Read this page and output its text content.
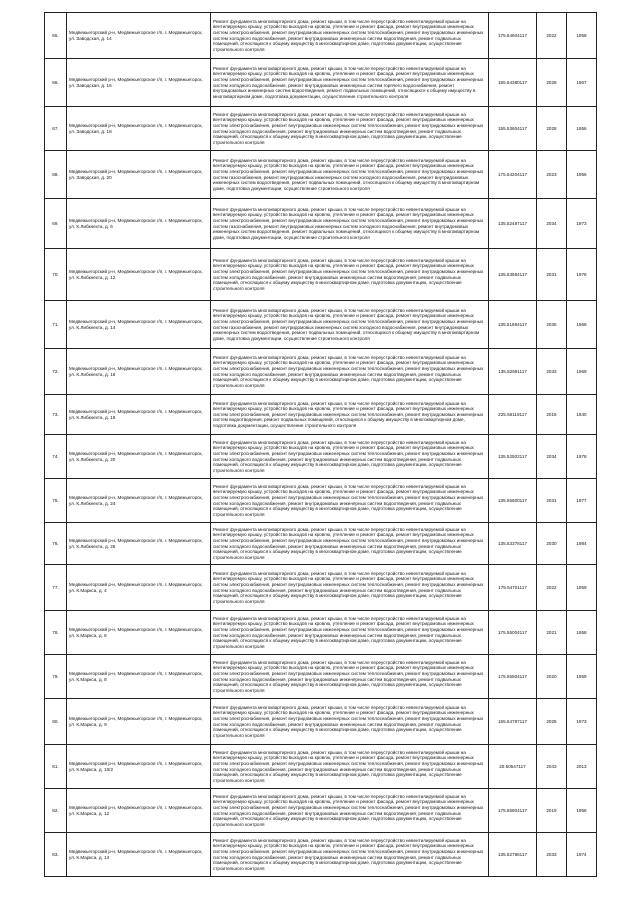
65.	Медвежьегорский р-н, Медвежьегорское г/п, г. Медвежьегорск, ул. Заводская, д. 14	Ремонт фундамента многоквартирного дома, ремонт крыши, в том числе переустройство невентилируемой крыши на вентилируемую крышу, устройство выходов на кровлю, утепление и ремонт фасада, ремонт внутридомовых инженерных систем электроснабжения, ремонт внутридомовых инженерных систем теплоснабжения, ремонт внутридомовых инженерных систем холодного водоснабжения, ремонт внутридомовых инженерных систем водоотведения, ремонт подвальных помещений, относящихся к общему имуществу в многоквартирном доме, подготовка документации, осуществление строительного контроля	175.54604117	2022	1958
66.	Медвежьегорский р-н, Медвежьегорское г/п, г. Медвежьегорск, ул. Заводская, д. 16	Ремонт фундамента многоквартирного дома, ремонт крыши, в том числе переустройство невентилируемой крыши на вентилируемую крышу, устройство выходов на кровлю, утепление и ремонт фасада, ремонт внутридомовых инженерных систем электроснабжения, ремонт внутридомовых инженерных систем теплоснабжения, ремонт внутридомовых инженерных систем холодного водоснабжения, ремонт внутридомовых инженерных систем горячего водоснабжения, ремонт внутридомовых инженерных систем водоотведения, ремонт подвальных помещений, относящихся к общему имуществу в многоквартирном доме, подготовка документации, осуществление строительного контроля	155.54380117	2028	1967
67.	Медвежьегорский р-н, Медвежьегорское г/п, г. Медвежьегорск, ул. Заводская, д. 18	Ремонт фундамента многоквартирного дома, ремонт крыши, в том числе переустройство невентилируемой крыши на вентилируемую крышу, устройство выходов на кровлю, утепление и ремонт фасада, ремонт внутридомовых инженерных систем электроснабжения, ремонт внутридомовых инженерных систем теплоснабжения, ремонт внутридомовых инженерных систем холодного водоснабжения, ремонт внутридомовых инженерных систем водоотведения, ремонт подвальных помещений, относящихся к общему имуществу в многоквартирном доме, подготовка документации, осуществление строительного контроля	155.53604117	2028	1956
68.	Медвежьегорский р-н, Медвежьегорское г/п, г. Медвежьегорск, ул. Заводская, д. 20	Ремонт фундамента многоквартирного дома, ремонт крыши, в том числе переустройство невентилируемой крыши на вентилируемую крышу, устройство выходов на кровлю, утепление и ремонт фасада, ремонт внутридомовых инженерных систем электроснабжения, ремонт внутридомовых инженерных систем теплоснабжения, ремонт внутридомовых инженерных систем газоснабжения, ремонт внутридомовых инженерных систем холодного водоснабжения, ремонт внутридомовых инженерных систем водоотведения, ремонт подвальных помещений, относящихся к общему имуществу в многоквартирном доме, подготовка документации, осуществление строительного контроля	175.54204117	2023	1956
69.	Медвежьегорский р-н, Медвежьегорское г/п, г. Медвежьегорск, ул. К.Либкнехта, д. 6	Ремонт фундамента многоквартирного дома, ремонт крыши, в том числе переустройство невентилируемой крыши на вентилируемую крышу, устройство выходов на кровлю, утепление и ремонт фасада, ремонт внутридомовых инженерных систем электроснабжения, ремонт внутридомовых инженерных систем теплоснабжения, ремонт внутридомовых инженерных систем газоснабжения, ремонт внутридомовых инженерных систем холодного водоснабжения, ремонт внутридомовых инженерных систем водоотведения, ремонт подвальных помещений, относящихся к общему имуществу в многоквартирном доме, подготовка документации, осуществление строительного контроля	135.52487117	2034	1973
70.	Медвежьегорский р-н, Медвежьегорское г/п, г. Медвежьегорск, ул. К.Либкнехта, д. 12	Ремонт фундамента многоквартирного дома, ремонт крыши, в том числе переустройство невентилируемой крыши на вентилируемую крышу, устройство выходов на кровлю, утепление и ремонт фасада, ремонт внутридомовых инженерных систем электроснабжения, ремонт внутридомовых инженерных систем теплоснабжения, ремонт внутридомовых инженерных систем холодного водоснабжения, ремонт внутридомовых инженерных систем водоотведения, ремонт подвальных помещений, относящихся к общему имуществу в многоквартирном доме, подготовка документации, осуществление строительного контроля	135.53584117	2031	1976
71.	Медвежьегорский р-н, Медвежьегорское г/п, г. Медвежьегорск, ул. К.Либкнехта, д. 14	Ремонт фундамента многоквартирного дома, ремонт крыши, в том числе переустройство невентилируемой крыши на вентилируемую крышу, устройство выходов на кровлю, утепление и ремонт фасада, ремонт внутридомовых инженерных систем электроснабжения, ремонт внутридомовых инженерных систем теплоснабжения, ремонт внутридомовых инженерных систем газоснабжения, ремонт внутридомовых инженерных систем холодного водоснабжения, ремонт внутридомовых инженерных систем водоотведения, ремонт подвальных помещений, относящихся к общему имуществу в многоквартирном доме, подготовка документации, осуществление строительного контроля	135.51694117	2035	1968
72.	Медвежьегорский р-н, Медвежьегорское г/п, г. Медвежьегорск, ул. К.Либкнехта, д. 16	Ремонт фундамента многоквартирного дома, ремонт крыши, в том числе переустройство невентилируемой крыши на вентилируемую крышу, устройство выходов на кровлю, утепление и ремонт фасада, ремонт внутридомовых инженерных систем электроснабжения, ремонт внутридомовых инженерных систем теплоснабжения, ремонт внутридомовых инженерных систем холодного водоснабжения, ремонт внутридомовых инженерных систем водоотведения, ремонт подвальных помещений, относящихся к общему имуществу в многоквартирном доме, подготовка документации, осуществление строительного контроля	135.52691117	2033	1969
73.	Медвежьегорский р-н, Медвежьегорское г/п, г. Медвежьегорск, ул. К.Либкнехта, д. 19	Ремонт фундамента многоквартирного дома, ремонт крыши, в том числе переустройство невентилируемой крыши на вентилируемую крышу, устройство выходов на кровлю, утепление и ремонт фасада, ремонт внутридомовых инженерных систем электроснабжения, ремонт внутридомовых инженерных систем теплоснабжения, ремонт внутридомовых инженерных систем водоотведения, ремонт подвальных помещений, относящихся к общему имуществу в многоквартирном доме, подготовка документации, осуществление строительного контроля	225.56119117	2016	1940
74.	Медвежьегорский р-н, Медвежьегорское г/п, г. Медвежьегорск, ул. К.Либкнехта, д. 20	Ремонт фундамента многоквартирного дома, ремонт крыши, в том числе переустройство невентилируемой крыши на вентилируемую крышу, устройство выходов на кровлю, утепление и ремонт фасада, ремонт внутридомовых инженерных систем электроснабжения, ремонт внутридомовых инженерных систем теплоснабжения, ремонт внутридомовых инженерных систем холодного водоснабжения, ремонт внутридомовых инженерных систем водоотведения, ремонт подвальных помещений, относящихся к общему имуществу в многоквартирном доме, подготовка документации, осуществление строительного контроля	135.52502117	2034	1978
75.	Медвежьегорский р-н, Медвежьегорское г/п, г. Медвежьегорск, ул. К.Либкнехта, д. 24	Ремонт фундамента многоквартирного дома, ремонт крыши, в том числе переустройство невентилируемой крыши на вентилируемую крышу, устройство выходов на кровлю, утепление и ремонт фасада, ремонт внутридомовых инженерных систем электроснабжения, ремонт внутридомовых инженерных систем теплоснабжения, ремонт внутридомовых инженерных систем холодного водоснабжения, ремонт внутридомовых инженерных систем водоотведения, ремонт подвальных помещений, относящихся к общему имуществу в многоквартирном доме, подготовка документации, осуществление строительного контроля	135.55600117	2031	1977
76.	Медвежьегорский р-н, Медвежьегорское г/п, г. Медвежьегорск, ул. К.Либкнехта, д. 26	Ремонт фундамента многоквартирного дома, ремонт крыши, в том числе переустройство невентилируемой крыши на вентилируемую крышу, устройство выходов на кровлю, утепление и ремонт фасада, ремонт внутридомовых инженерных систем электроснабжения, ремонт внутридомовых инженерных систем теплоснабжения, ремонт внутридомовых инженерных систем холодного водоснабжения, ремонт внутридомовых инженерных систем водоотведения, ремонт подвальных помещений, относящихся к общему имуществу в многоквартирном доме, подготовка документации, осуществление строительного контроля	135.53378117	2030	1984
77.	Медвежьегорский р-н, Медвежьегорское г/п, г. Медвежьегорск, ул. К.Маркса, д. 4	Ремонт фундамента многоквартирного дома, ремонт крыши, в том числе переустройство невентилируемой крыши на вентилируемую крышу, устройство выходов на кровлю, утепление и ремонт фасада, ремонт внутридомовых инженерных систем электроснабжения, ремонт внутридомовых инженерных систем теплоснабжения, ремонт внутридомовых инженерных систем холодного водоснабжения, ремонт внутридомовых инженерных систем водоотведения, ремонт подвальных помещений, относящихся к общему имуществу в многоквартирном доме, подготовка документации, осуществление строительного контроля	175.54701117	2022	1959
78.	Медвежьегорский р-н, Медвежьегорское г/п, г. Медвежьегорск, ул. К.Маркса, д. 6	Ремонт фундамента многоквартирного дома, ремонт крыши, в том числе переустройство невентилируемой крыши на вентилируемую крышу, устройство выходов на кровлю, утепление и ремонт фасада, ремонт внутридомовых инженерных систем электроснабжения, ремонт внутридомовых инженерных систем теплоснабжения, ремонт внутридомовых инженерных систем холодного водоснабжения, ремонт внутридомовых инженерных систем водоотведения, ремонт подвальных помещений, относящихся к общему имуществу в многоквартирном доме, подготовка документации, осуществление строительного контроля	175.55004117	2021	1958
79.	Медвежьегорский р-н, Медвежьегорское г/п, г. Медвежьегорск, ул. К.Маркса, д. 8	Ремонт фундамента многоквартирного дома, ремонт крыши, в том числе переустройство невентилируемой крыши на вентилируемую крышу, устройство выходов на кровлю, утепление и ремонт фасада, ремонт внутридомовых инженерных систем электроснабжения, ремонт внутридомовых инженерных систем теплоснабжения, ремонт внутридомовых инженерных систем холодного водоснабжения, ремонт внутридомовых инженерных систем водоотведения, ремонт подвальных помещений, относящихся к общему имуществу в многоквартирном доме, подготовка документации, осуществление строительного контроля	175.55504117	2020	1959
80.	Медвежьегорский р-н, Медвежьегорское г/п, г. Медвежьегорск, ул. К.Маркса, д. 9	Ремонт фундамента многоквартирного дома, ремонт крыши, в том числе переустройство невентилируемой крыши на вентилируемую крышу, устройство выходов на кровлю, утепление и ремонт фасада, ремонт внутридомовых инженерных систем электроснабжения, ремонт внутридомовых инженерных систем теплоснабжения, ремонт внутридомовых инженерных систем холодного водоснабжения, ремонт внутридомовых инженерных систем водоотведения, ремонт подвальных помещений, относящихся к общему имуществу в многоквартирном доме, подготовка документации, осуществление строительного контроля	155.54787117	2025	1973
81.	Медвежьегорский р-н, Медвежьегорское г/п, г. Медвежьегорск, ул. К.Маркса, д. 10/2	Ремонт фундамента многоквартирного дома, ремонт крыши, в том числе переустройство невентилируемой крыши на вентилируемую крышу, устройство выходов на кровлю, утепление и ремонт фасада, ремонт внутридомовых инженерных систем электроснабжения, ремонт внутридомовых инженерных систем теплоснабжения, ремонт внутридомовых инженерных систем холодного водоснабжения, ремонт внутридомовых инженерных систем водоотведения, ремонт подвальных помещений, относящихся к общему имуществу в многоквартирном доме, подготовка документации, осуществление строительного контроля	20.50547117	2043	2013
82.	Медвежьегорский р-н, Медвежьегорское г/п, г. Медвежьегорск, ул. К.Маркса, д. 12	Ремонт фундамента многоквартирного дома, ремонт крыши, в том числе переустройство невентилируемой крыши на вентилируемую крышу, устройство выходов на кровлю, утепление и ремонт фасада, ремонт внутридомовых инженерных систем электроснабжения, ремонт внутридомовых инженерных систем теплоснабжения, ремонт внутридомовых инженерных систем холодного водоснабжения, ремонт внутридомовых инженерных систем водоотведения, ремонт подвальных помещений, относящихся к общему имуществу в многоквартирном доме, подготовка документации, осуществление строительного контроля	175.55804117	2019	1956
83.	Медвежьегорский р-н, Медвежьегорское г/п, г. Медвежьегорск, ул. К.Маркса, д. 14	Ремонт фундамента многоквартирного дома, ремонт крыши, в том числе переустройство невентилируемой крыши на вентилируемую крышу, устройство выходов на кровлю, утепление и ремонт фасада, ремонт внутридомовых инженерных систем электроснабжения, ремонт внутридомовых инженерных систем теплоснабжения, ремонт внутридомовых инженерных систем холодного водоснабжения, ремонт внутридомовых инженерных систем водоотведения, ремонт подвальных помещений, относящихся к общему имуществу в многоквартирном доме, подготовка документации, осуществление строительного контроля	135.52786117	2033	1974
